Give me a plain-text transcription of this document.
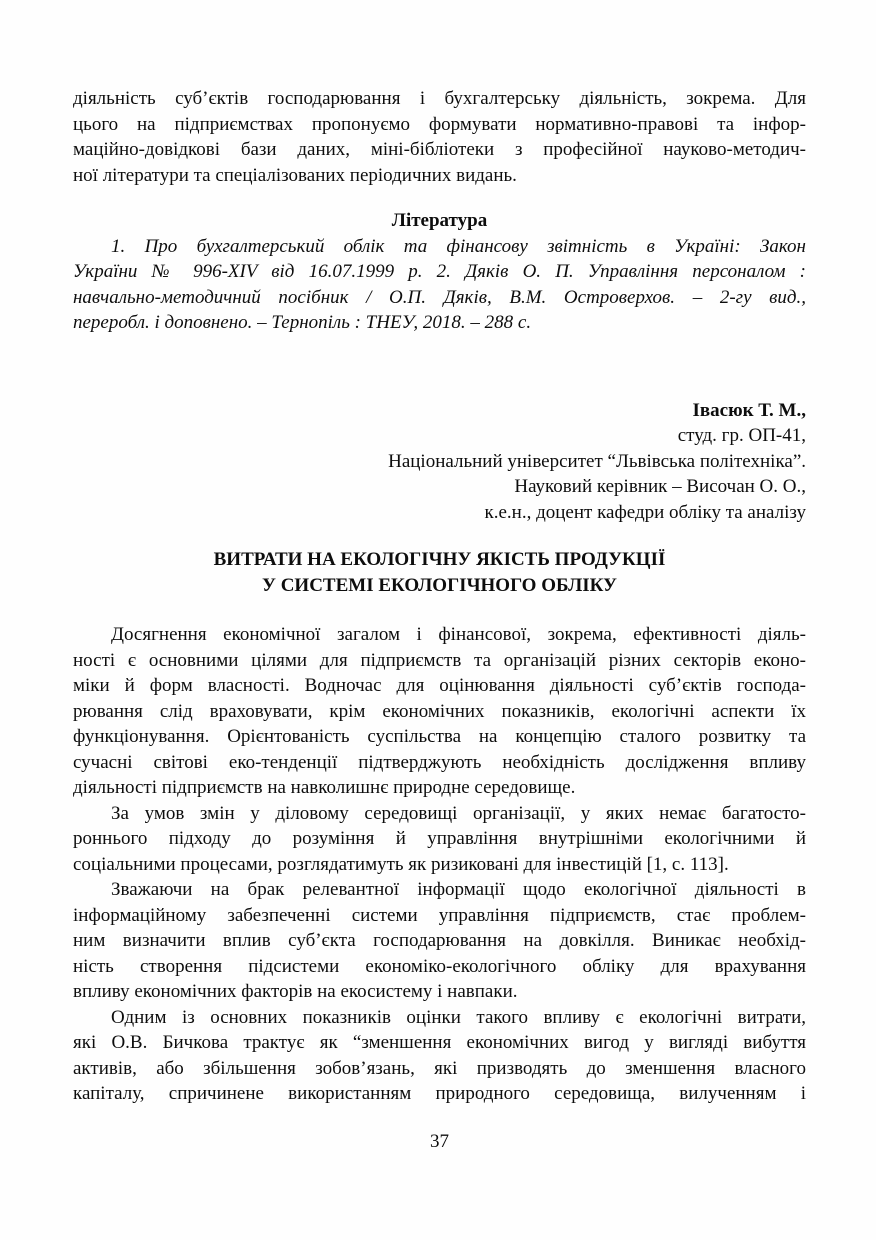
діяльність суб’єктів господарювання і бухгалтерську діяльність, зокрема. Для
цього на підприємствах пропонуємо формувати нормативно-правові та інфор-
маційно-довідкові бази даних, міні-бібліотеки з професійної науково-методич-
ної літератури та спеціалізованих періодичних видань.
Література
1. Про бухгалтерський облік та фінансову звітність в Україні: Закон
України № 996-XIV від 16.07.1999 р. 2. Дяків О. П. Управління персоналом :
навчально-методичний посібник / О.П. Дяків, В.М. Островерхов. – 2-гу вид.,
переробл. і доповнено. – Тернопіль : ТНЕУ, 2018. – 288 с.
Івасюк Т. М.,
студ. гр. ОП-41,
Національний університет “Львівська політехніка”.
Науковий керівник – Височан О. О.,
к.е.н., доцент кафедри обліку та аналізу
ВИТРАТИ НА ЕКОЛОГІЧНУ ЯКІСТЬ ПРОДУКЦІЇ
У СИСТЕМІ ЕКОЛОГІЧНОГО ОБЛІКУ
Досягнення економічної загалом і фінансової, зокрема, ефективності діяль-
ності є основними цілями для підприємств та організацій різних секторів еконо-
міки й форм власності. Водночас для оцінювання діяльності суб’єктів господа-
рювання слід враховувати, крім економічних показників, екологічні аспекти їх
функціонування. Орієнтованість суспільства на концепцію сталого розвитку та
сучасні світові еко-тенденції підтверджують необхідність дослідження впливу
діяльності підприємств на навколишнє природне середовище.
За умов змін у діловому середовищі організації, у яких немає багатосто-
роннього підходу до розуміння й управління внутрішніми екологічними й
соціальними процесами, розглядатимуть як ризиковані для інвестицій [1, с. 113].
Зважаючи на брак релевантної інформації щодо екологічної діяльності в
інформаційному забезпеченні системи управління підприємств, стає проблем-
ним визначити вплив суб’єкта господарювання на довкілля. Виникає необхід-
ність створення підсистеми економіко-екологічного обліку для врахування
впливу економічних факторів на екосистему і навпаки.
Одним із основних показників оцінки такого впливу є екологічні витрати,
які О.В. Бичкова трактує як “зменшення економічних вигод у вигляді вибуття
активів, або збільшення зобов’язань, які призводять до зменшення власного
капіталу, спричинене використанням природного середовища, вилученням і
37
